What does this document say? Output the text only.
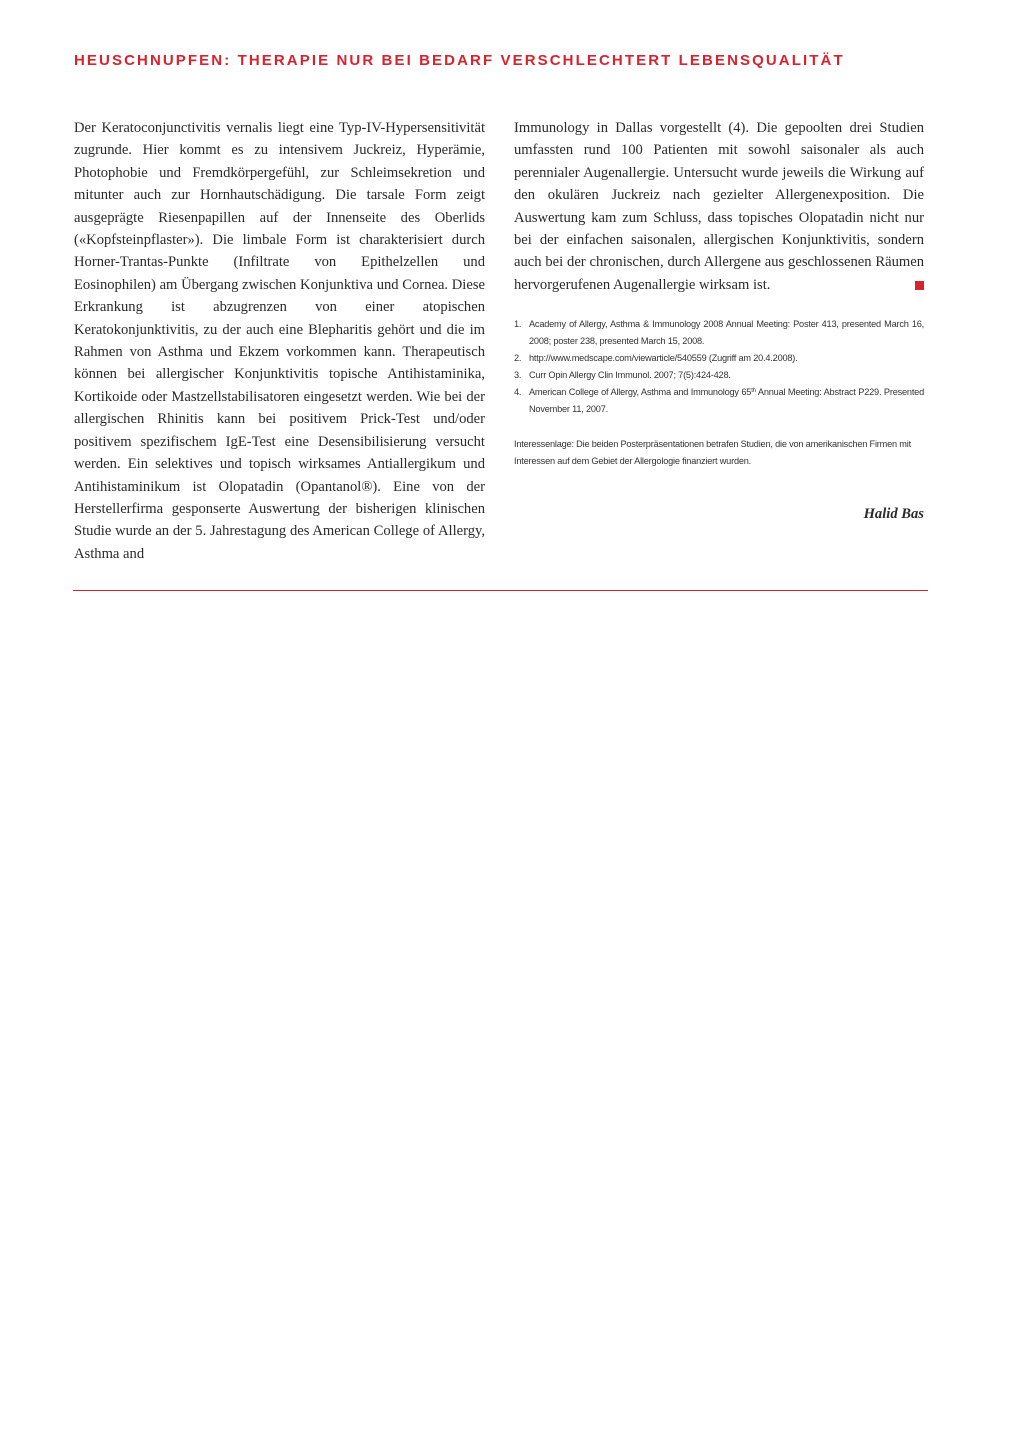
HEUSCHNUPFEN: THERAPIE NUR BEI BEDARF VERSCHLECHTERT LEBENSQUALITÄT

Der Keratoconjunctivitis vernalis liegt eine Typ-IV-Hypersensitivität zugrunde. Hier kommt es zu intensivem Juckreiz, Hyperämie, Photophobie und Fremdkörpergefühl, zur Schleimsekretion und mitunter auch zur Hornhautschädigung. Die tarsale Form zeigt ausgeprägte Riesenpapillen auf der Innenseite des Oberlids («Kopfsteinpflaster»). Die limbale Form ist charakterisiert durch Horner-Trantas-Punkte (Infiltrate von Epithelzellen und Eosinophilen) am Übergang zwischen Konjunktiva und Cornea. Diese Erkrankung ist abzugrenzen von einer atopischen Keratokonjunktivitis, zu der auch eine Blepharitis gehört und die im Rahmen von Asthma und Ekzem vorkommen kann. Therapeutisch können bei allergischer Konjunktivitis topische Antihistaminika, Kortikoide oder Mastzellstabilisatoren eingesetzt werden. Wie bei der allergischen Rhinitis kann bei positivem Prick-Test und/oder positivem spezifischem IgE-Test eine Desensibilisierung versucht werden. Ein selektives und topisch wirksames Antiallergikum und Antihistaminikum ist Olopatadin (Opantanol®). Eine von der Herstellerfirma gesponserte Auswertung der bisherigen klinischen Studie wurde an der 5. Jahrestagung des American College of Allergy, Asthma and

Immunology in Dallas vorgestellt (4). Die gepoolten drei Studien umfassten rund 100 Patienten mit sowohl saisonaler als auch perennialer Augenallergie. Untersucht wurde jeweils die Wirkung auf den okulären Juckreiz nach gezielter Allergenexposition. Die Auswertung kam zum Schluss, dass topisches Olopatadin nicht nur bei der einfachen saisonalen, allergischen Konjunktivitis, sondern auch bei der chronischen, durch Allergene aus geschlossenen Räumen hervorgerufenen Augenallergie wirksam ist.

1. Academy of Allergy, Asthma & Immunology 2008 Annual Meeting: Poster 413, presented March 16, 2008; poster 238, presented March 15, 2008.
2. http://www.medscape.com/viewarticle/540559 (Zugriff am 20.4.2008).
3. Curr Opin Allergy Clin Immunol. 2007; 7(5):424-428.
4. American College of Allergy, Asthma and Immunology 65th Annual Meeting: Abstract P229. Presented November 11, 2007.

Interessenlage: Die beiden Posterpräsentationen betrafen Studien, die von amerikanischen Firmen mit Interessen auf dem Gebiet der Allergologie finanziert wurden.

Halid Bas
